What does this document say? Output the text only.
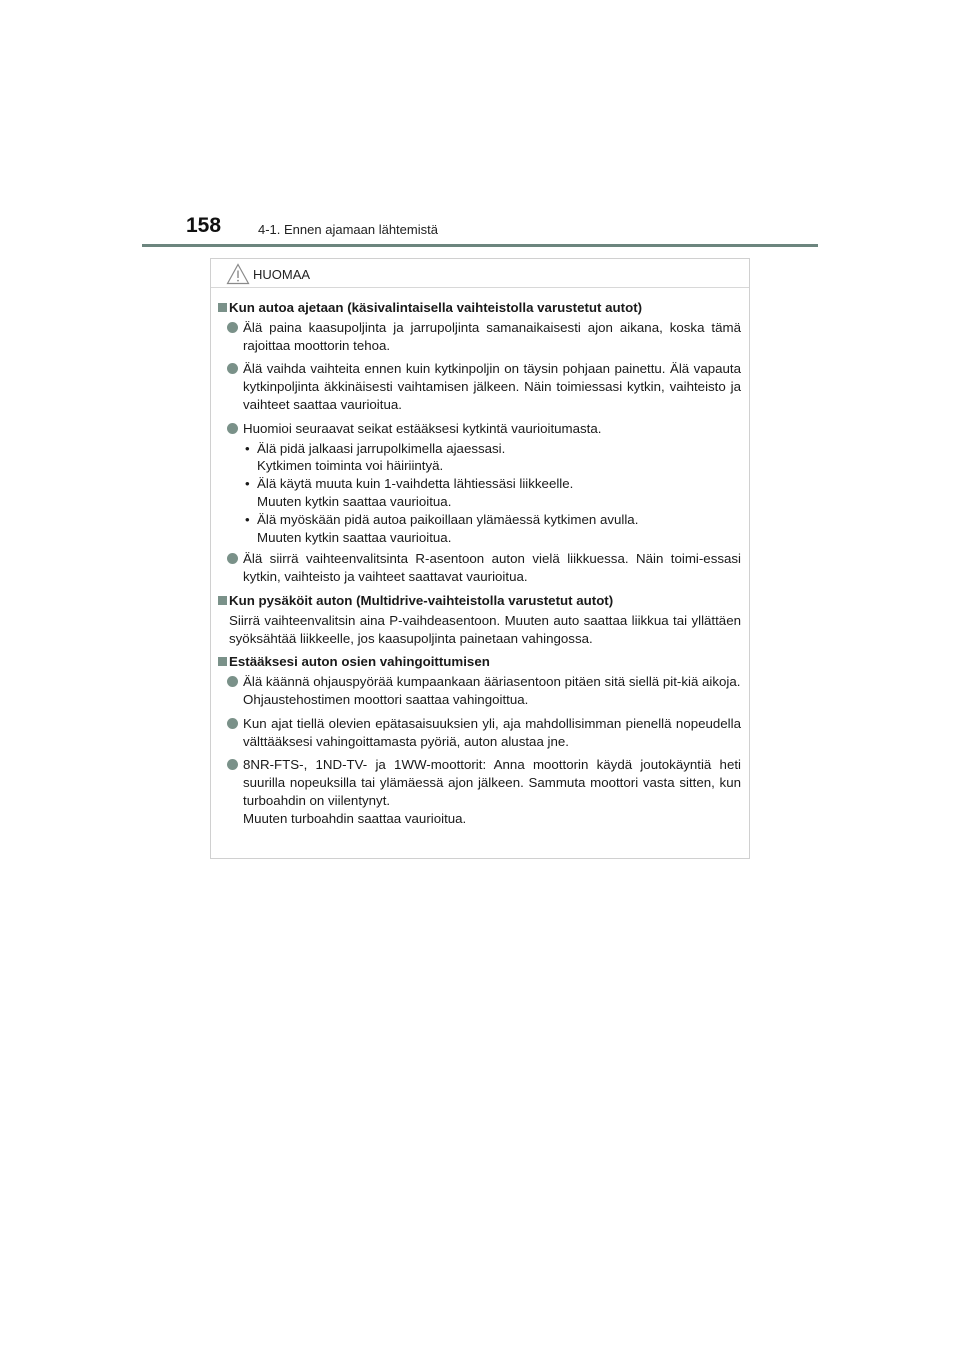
158	4-1. Ennen ajamaan lähtemistä
HUOMAA
Kun autoa ajetaan (käsivalintaisella vaihteistolla varustetut autot)
Älä paina kaasupoljinta ja jarrupoljinta samanaikaisesti ajon aikana, koska tämä rajoittaa moottorin tehoa.
Älä vaihda vaihteita ennen kuin kytkinpoljin on täysin pohjaan painettu. Älä vapauta kytkinpoljinta äkkinäisesti vaihtamisen jälkeen. Näin toimiessasi kytkin, vaihteisto ja vaihteet saattaa vaurioitua.
Huomioi seuraavat seikat estääksesi kytkintä vaurioitumasta.
• Älä pidä jalkaasi jarrupolkimella ajaessasi.
Kytkimen toiminta voi häiriintyä.
• Älä käytä muuta kuin 1-vaihdetta lähtiessäsi liikkeelle.
Muuten kytkin saattaa vaurioitua.
• Älä myöskään pidä autoa paikoillaan ylämäessä kytkimen avulla.
Muuten kytkin saattaa vaurioitua.
Älä siirrä vaihteenvalitsinta R-asentoon auton vielä liikkuessa. Näin toimi-essasi kytkin, vaihteisto ja vaihteet saattavat vaurioitua.
Kun pysäköit auton (Multidrive-vaihteistolla varustetut autot)
Siirrä vaihteenvalitsin aina P-vaihdeasentoon. Muuten auto saattaa liikkua tai yllättäen syöksähtää liikkeelle, jos kaasupoljinta painetaan vahingossa.
Estääksesi auton osien vahingoittumisen
Älä käännä ohjauspyörää kumpaankaan ääriasentoon pitäen sitä siellä pit-kiä aikoja.
Ohjaustehostimen moottori saattaa vahingoittua.
Kun ajat tiellä olevien epätasaisuuksien yli, aja mahdollisimman pienellä nopeudella välttääksesi vahingoittamasta pyöriä, auton alustaa jne.
8NR-FTS-, 1ND-TV- ja 1WW-moottorit: Anna moottorin käydä joutokäyntiä heti suurilla nopeuksilla tai ylämäessä ajon jälkeen. Sammuta moottori vasta sitten, kun turboahdin on viilentynyt.
Muuten turboahdin saattaa vaurioitua.
